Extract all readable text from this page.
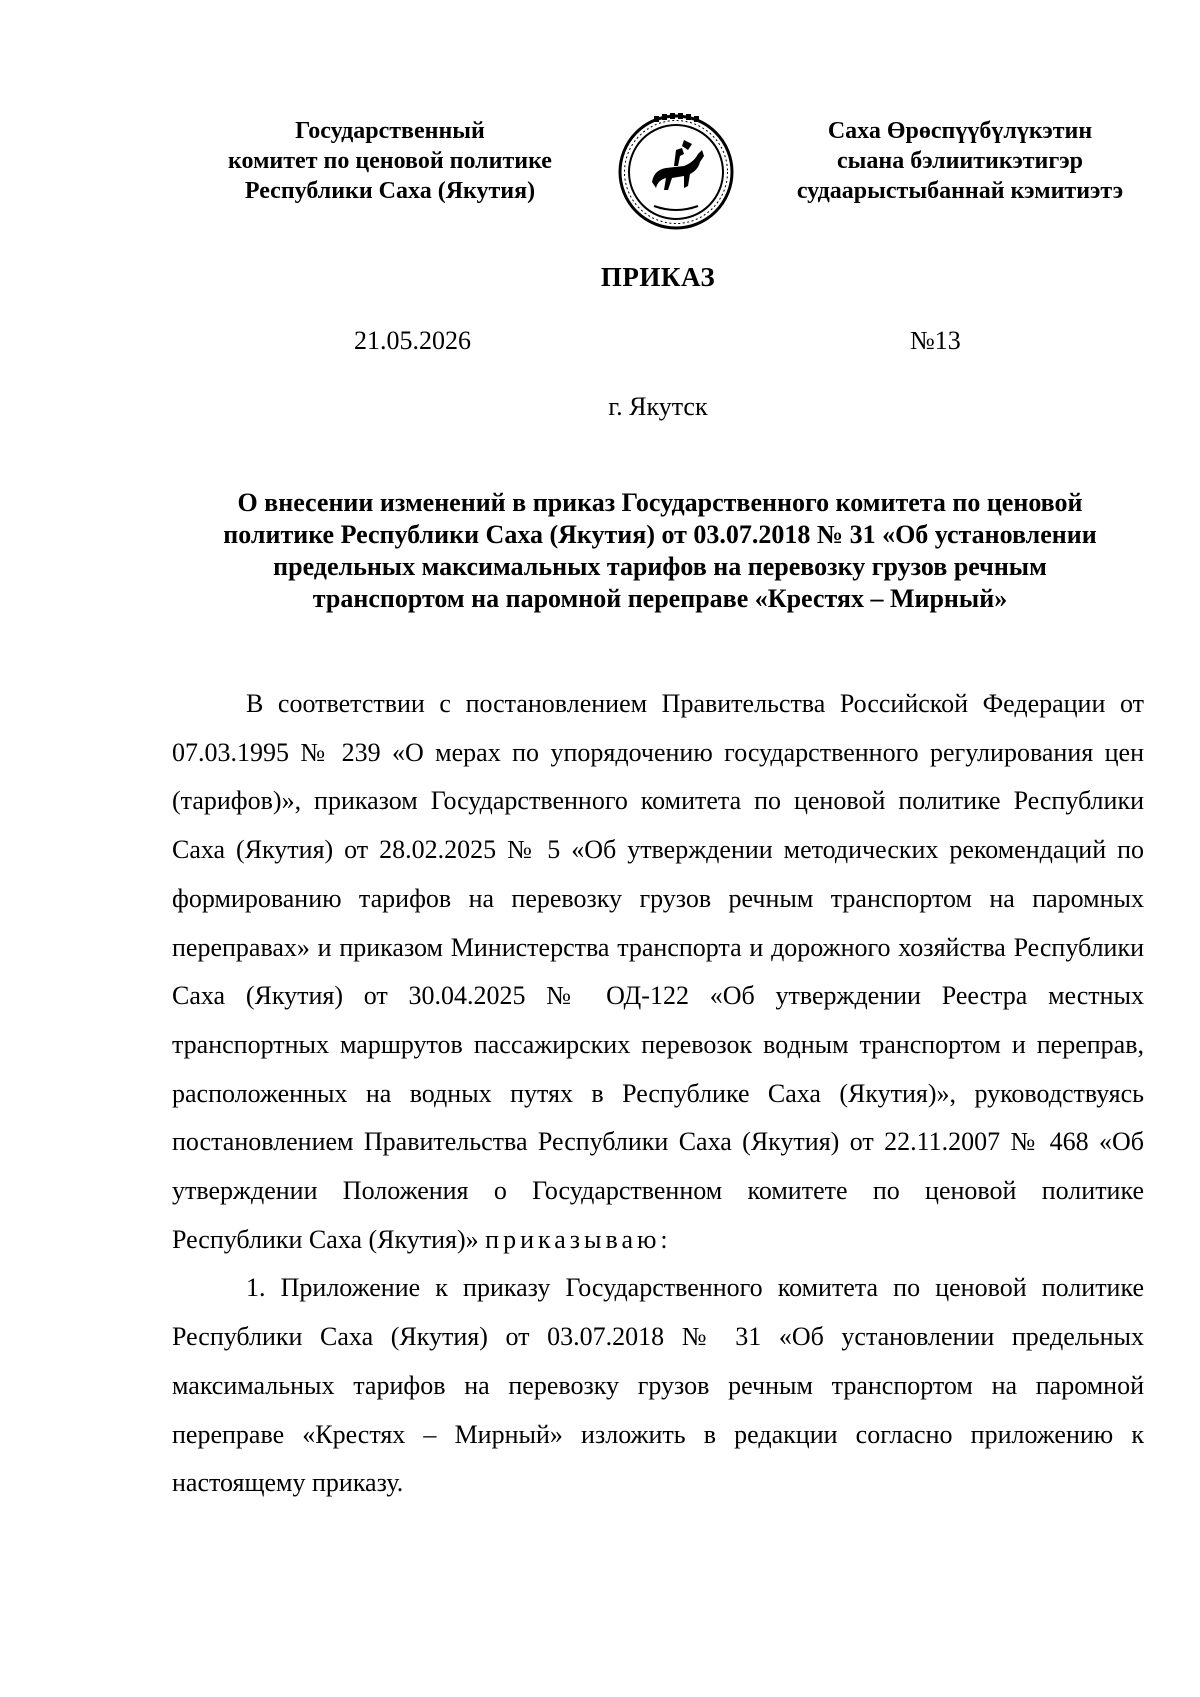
Государственный
комитет по ценовой политике
Республики Саха (Якутия)
Саха Өрөспүүбүлүкэтин
сыана бэлиитикэтигэр
судаарыстыбаннай кэмитиэтэ
ПРИКАЗ
21.05.2026	№13
г. Якутск
О внесении изменений в приказ Государственного комитета по ценовой
политике Республики Саха (Якутия) от 03.07.2018 № 31 «Об установлении
предельных максимальных тарифов на перевозку грузов речным
транспортом на паромной переправе «Крестях – Мирный»

В соответствии с постановлением Правительства Российской Федерации от 07.03.1995 № 239 «О мерах по упорядочению государственного регулирования цен (тарифов)», приказом Государственного комитета по ценовой политике Республики Саха (Якутия) от 28.02.2025 № 5 «Об утверждении методических рекомендаций по формированию тарифов на перевозку грузов речным транспортом на паромных переправах» и приказом Министерства транспорта и дорожного хозяйства Республики Саха (Якутия) от 30.04.2025 № ОД-122 «Об утверждении Реестра местных транспортных маршрутов пассажирских перевозок водным транспортом и переправ, расположенных на водных путях в Республике Саха (Якутия)», руководствуясь постановлением Правительства Республики Саха (Якутия) от 22.11.2007 № 468 «Об утверждении Положения о Государственном комитете по ценовой политике Республики Саха (Якутия)» приказываю:

1. Приложение к приказу Государственного комитета по ценовой политике Республики Саха (Якутия) от 03.07.2018 № 31 «Об установлении предельных максимальных тарифов на перевозку грузов речным транспортом на паромной переправе «Крестях – Мирный» изложить в редакции согласно приложению к настоящему приказу.
